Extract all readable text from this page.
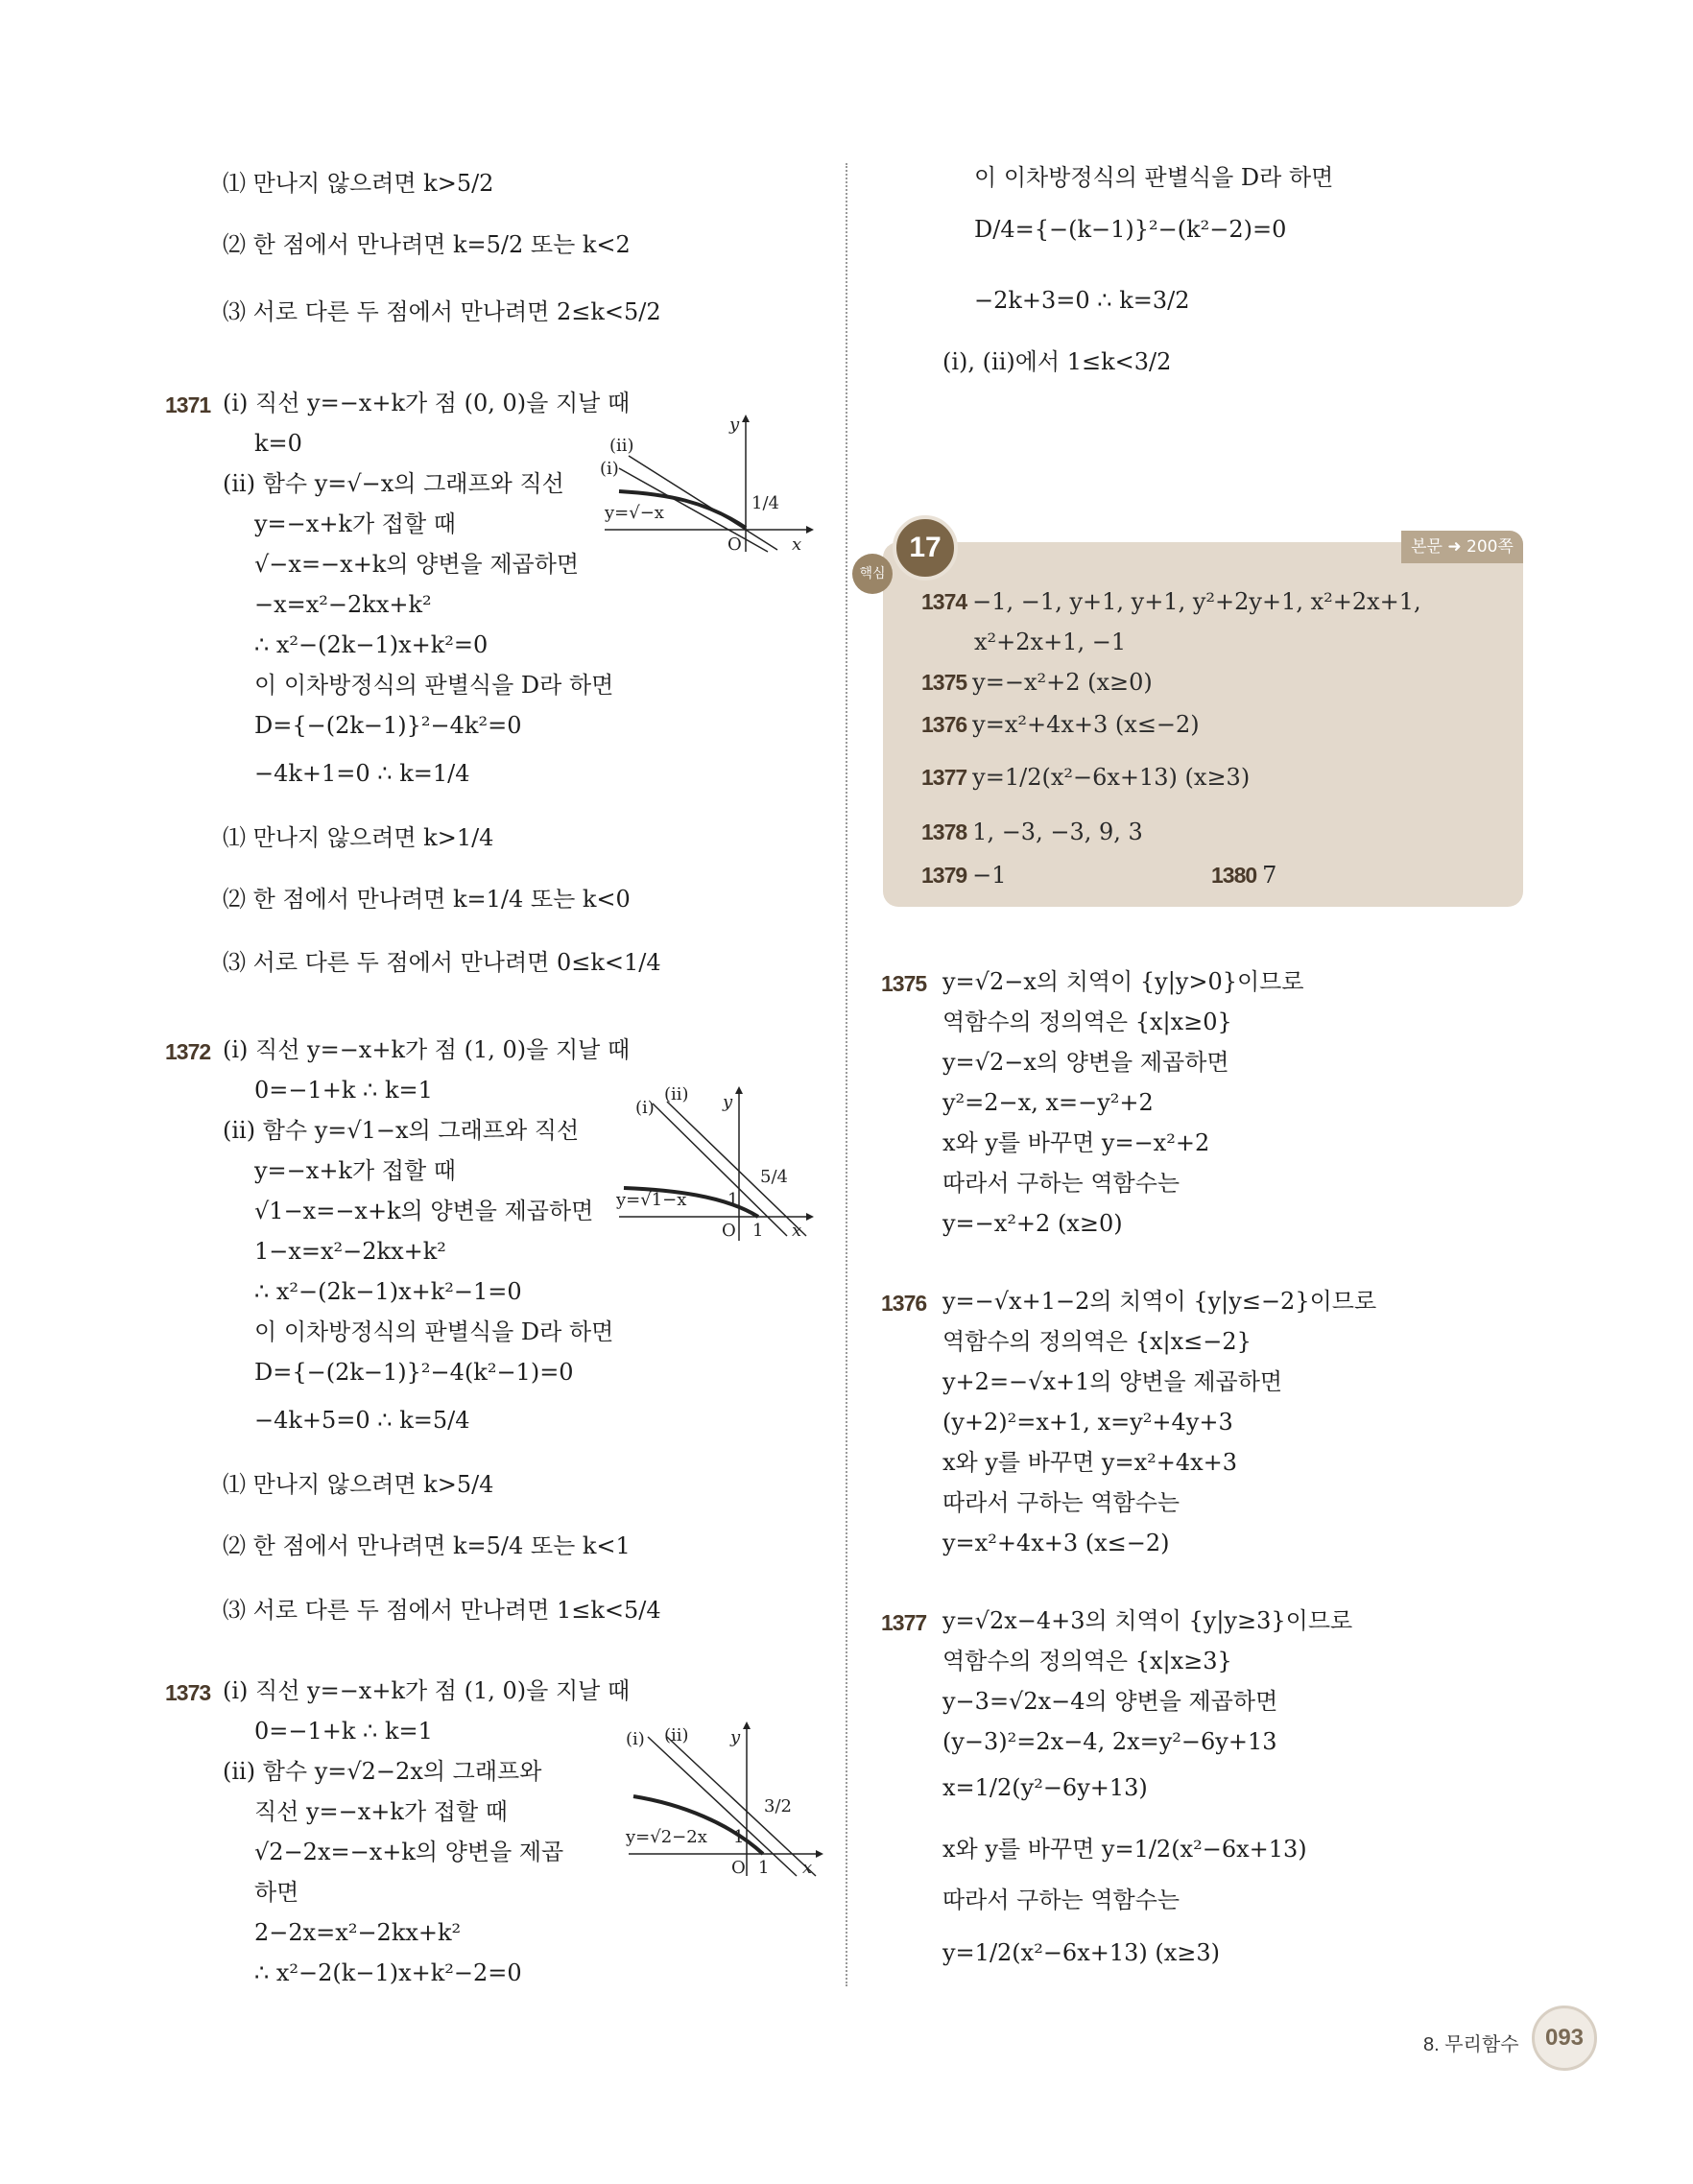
⑴ 만나지 않으려면 k>5/2
⑵ 한 점에서 만나려면 k=5/2 또는 k<2
⑶ 서로 다른 두 점에서 만나려면 2≤k<5/2
1371 (i) 직선 y=−x+k가 점 (0, 0)을 지날 때
k=0
(ii) 함수 y=√−x의 그래프와 직선
y=−x+k가 접할 때
√−x=−x+k의 양변을 제곱하면
−x=x²−2kx+k²
∴ x²−(2k−1)x+k²=0
이 이차방정식의 판별식을 D라 하면
D={−(2k−1)}²−4k²=0
−4k+1=0 ∴ k=1/4
⑴ 만나지 않으려면 k>1/4
⑵ 한 점에서 만나려면 k=1/4 또는 k<0
⑶ 서로 다른 두 점에서 만나려면 0≤k<1/4
(ii)
(i)
y=√−x	1/4
O	x
y
1372 (i) 직선 y=−x+k가 점 (1, 0)을 지날 때
0=−1+k ∴ k=1
(ii) 함수 y=√1−x의 그래프와 직선
y=−x+k가 접할 때
√1−x=−x+k의 양변을 제곱하면
1−x=x²−2kx+k²
∴ x²−(2k−1)x+k²−1=0
이 이차방정식의 판별식을 D라 하면
D={−(2k−1)}²−4(k²−1)=0
−4k+5=0 ∴ k=5/4
⑴ 만나지 않으려면 k>5/4
⑵ 한 점에서 만나려면 k=5/4 또는 k<1
⑶ 서로 다른 두 점에서 만나려면 1≤k<5/4
(ii)
(i)
y=√1−x
5/4
1
O 1 x
y
1373 (i) 직선 y=−x+k가 점 (1, 0)을 지날 때
0=−1+k ∴ k=1
(ii) 함수 y=√2−2x의 그래프와
직선 y=−x+k가 접할 때
√2−2x=−x+k의 양변을 제곱
하면
2−2x=x²−2kx+k²
∴ x²−2(k−1)x+k²−2=0
(i) (ii)
y=√2−2x
3/2
1
O 1 x
y
이 이차방정식의 판별식을 D라 하면
D/4={−(k−1)}²−(k²−2)=0
−2k+3=0 ∴ k=3/2
(i), (ii)에서 1≤k<3/2
본문 ➜ 200쪽
핵심
17
1374 −1, −1, y+1, y+1, y²+2y+1, x²+2x+1,
x²+2x+1, −1
1375 y=−x²+2 (x≥0)
1376 y=x²+4x+3 (x≤−2)
1377 y=1/2(x²−6x+13) (x≥3)
1378 1, −3, −3, 9, 3
1379 −1	1380 7
1375 y=√2−x의 치역이 {y|y>0}이므로
역함수의 정의역은 {x|x≥0}
y=√2−x의 양변을 제곱하면
y²=2−x, x=−y²+2
x와 y를 바꾸면 y=−x²+2
따라서 구하는 역함수는
y=−x²+2 (x≥0)
1376 y=−√x+1−2의 치역이 {y|y≤−2}이므로
역함수의 정의역은 {x|x≤−2}
y+2=−√x+1의 양변을 제곱하면
(y+2)²=x+1, x=y²+4y+3
x와 y를 바꾸면 y=x²+4x+3
따라서 구하는 역함수는
y=x²+4x+3 (x≤−2)
1377 y=√2x−4+3의 치역이 {y|y≥3}이므로
역함수의 정의역은 {x|x≥3}
y−3=√2x−4의 양변을 제곱하면
(y−3)²=2x−4, 2x=y²−6y+13
x=1/2(y²−6y+13)
x와 y를 바꾸면 y=1/2(x²−6x+13)
따라서 구하는 역함수는
y=1/2(x²−6x+13) (x≥3)
8. 무리함수	093
